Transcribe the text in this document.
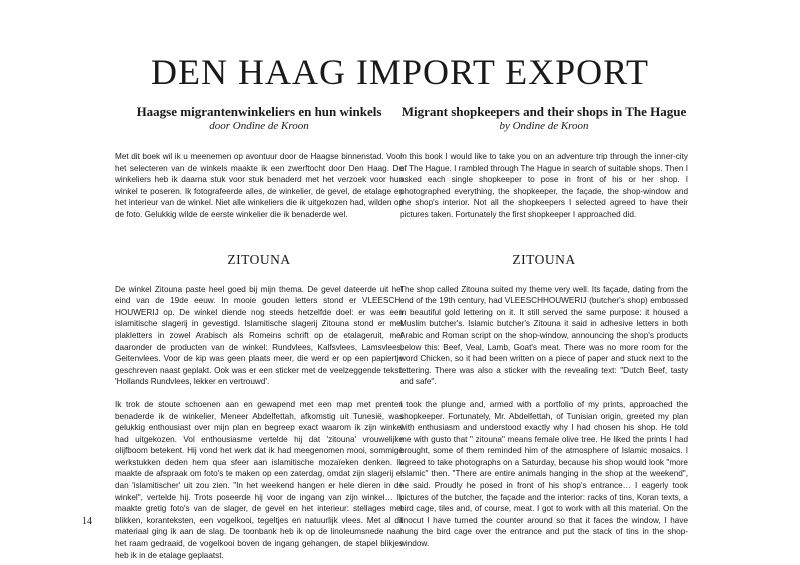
DEN HAAG IMPORT EXPORT
Haagse migrantenwinkeliers en hun winkels
door Ondine de Kroon

Met dit boek wil ik u meenemen op avontuur door de Haagse binnenstad. Voor het selecteren van de winkels maakte ik een zwerftocht door Den Haag. De winkeliers heb ik daarna stuk voor stuk benaderd met het verzoek voor hun winkel te poseren. Ik fotografeerde alles, de winkelier, de gevel, de etalage en het interieur van de winkel. Niet alle winkeliers die ik uitgekozen had, wilden op de foto. Gelukkig wilde de eerste winkelier die ik benaderde wel.

ZITOUNA

De winkel Zitouna paste heel goed bij mijn thema. De gevel dateerde uit het eind van de 19de eeuw. In mooie gouden letters stond er VLEESCH-HOUWERIJ op. De winkel diende nog steeds hetzelfde doel: er was een islamitische slagerij in gevestigd. Islamitische slagerij Zitouna stond er met plakletters in zowel Arabisch als Romeins schrift op de etalageruit, met daaronder de producten van de winkel: Rundvlees, Kalfsvlees, Lamsvlees, Geitenvlees. Voor de kip was geen plaats meer, die werd er op een papiertje geschreven naast geplakt. Ook was er een sticker met de veelzeggende tekst: 'Hollands Rundvlees, lekker en vertrouwd'.

Ik trok de stoute schoenen aan en gewapend met een map met prenten benaderde ik de winkelier, Meneer Abdelfettah, afkomstig uit Tunesië, was gelukkig enthousiast over mijn plan en begreep exact waarom ik zijn winkel had uitgekozen. Vol enthousiasme vertelde hij dat 'zitouna' vrouwelijke olijfboom betekent. Hij vond het werk dat ik had meegenomen mooi, sommige werkstukken deden hem qua sfeer aan islamitische mozaïeken denken. Ik maakte de afspraak om foto's te maken op een zaterdag, omdat zijn slagerij er dan 'islamitischer' uit zou zien. "In het weekend hangen er hele dieren in de winkel", vertelde hij. Trots poseerde hij voor de ingang van zijn winkel… Ik maakte gretig foto's van de slager, de gevel en het interieur: stellages met blikken, koranteksten, een vogelkooi, tegeltjes en natuurlijk vlees. Met al dit materiaal ging ik aan de slag. De toonbank heb ik op de linoleumsnede naar het raam gedraaid, de vogelkooi boven de ingang gehangen, de stapel blikjes heb ik in de etalage geplaatst.

Migrant shopkeepers and their shops in The Hague
by Ondine de Kroon

In this book I would like to take you on an adventure trip through the inner-city of The Hague. I rambled through The Hague in search of suitable shops. Then I asked each single shopkeeper to pose in front of his or her shop. I photographed everything, the shopkeeper, the façade, the shop-window and the shop's interior. Not all the shopkeepers I selected agreed to have their pictures taken. Fortunately the first shopkeeper I approached did.

ZITOUNA

The shop called Zitouna suited my theme very well. Its façade, dating from the end of the 19th century, had VLEESCHHOUWERIJ (butcher's shop) embossed in beautiful gold lettering on it. It still served the same purpose: it housed a Muslim butcher's. Islamic butcher's Zitouna it said in adhesive letters in both Arabic and Roman script on the shop-window, announcing the shop's products below this: Beef, Veal, Lamb, Goat's meat. There was no more room for the word Chicken, so it had been written on a piece of paper and stuck next to the lettering. There was also a sticker with the revealing text: "Dutch Beef, tasty and safe".

I took the plunge and, armed with a portfolio of my prints, approached the shopkeeper. Fortunately, Mr. Abdelfettah, of Tunisian origin, greeted my plan with enthusiasm and understood exactly why I had chosen his shop. He told me with gusto that " zitouna" means female olive tree. He liked the prints I had brought, some of them reminded him of the atmosphere of Islamic mosaics. I agreed to take photographs on a Saturday, because his shop would look "more Islamic" then. "There are entire animals hanging in the shop at the weekend", he said. Proudly he posed in front of his shop's entrance… I eagerly took pictures of the butcher, the façade and the interior: racks of tins, Koran texts, a bird cage, tiles and, of course, meat. I got to work with all this material. On the linocut I have turned the counter around so that it faces the window, I have hung the bird cage over the entrance and put the stack of tins in the shop-window.

14
